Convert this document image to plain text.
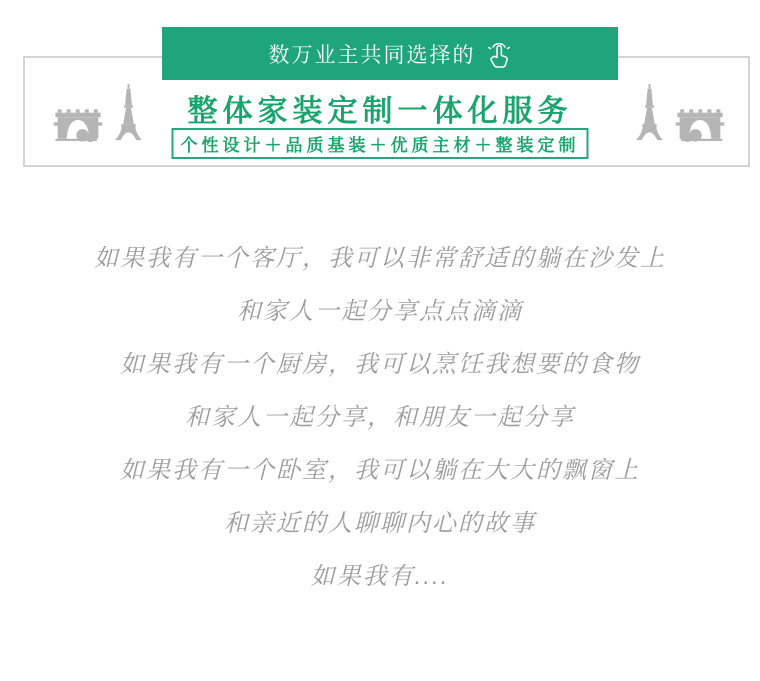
数万业主共同选择的
整体家装定制一体化服务
个性设计＋品质基装＋优质主材＋整装定制
如果我有一个客厅，我可以非常舒适的躺在沙发上
和家人一起分享点点滴滴
如果我有一个厨房，我可以烹饪我想要的食物
和家人一起分享，和朋友一起分享
如果我有一个卧室，我可以躺在大大的飘窗上
和亲近的人聊聊内心的故事
如果我有....
